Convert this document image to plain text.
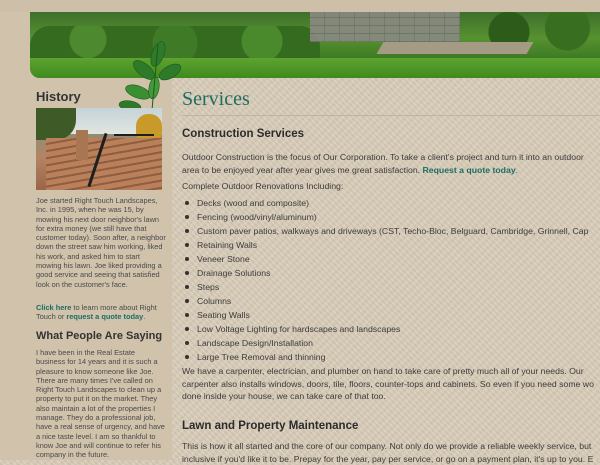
History

Joe started Right Touch Landscapes, Inc. in 1995, when he was 15, by mowing his next door neighbor's lawn for extra money (we still have that customer today). Soon after, a neighbor down the street saw him working, liked his work, and asked him to start mowing his lawn. Joe liked providing a good service and seeing that satisfied look on the customer's face.

Click here to learn more about Right Touch or request a quote today.

What People Are Saying

I have been in the Real Estate business for 14 years and it is such a pleasure to know someone like Joe. There are many times I've called on Right Touch Landscapes to clean up a property to put it on the market. They also maintain a lot of the properties I manage. They do a professional job, have a real sense of urgency, and have a nice taste level. I am so thankful to know Joe and will continue to refer his company in the future.

Services
Construction Services

Outdoor Construction is the focus of Our Corporation. To take a client's project and turn it into an outdoor
area to be enjoyed year after year gives me great satisfaction. Request a quote today.

Complete Outdoor Renovations Including:

Decks (wood and composite)
Fencing (wood/vinyl/aluminum)
Custom paver patios, walkways and driveways (CST, Techo-Bloc, Belguard, Cambridge, Grinnell, Cap
Retaining Walls
Veneer Stone
Drainage Solutions
Steps
Columns
Seating Walls
Low Voltage Lighting for hardscapes and landscapes
Landscape Design/Installation
Large Tree Removal and thinning

We have a carpenter, electrician, and plumber on hand to take care of pretty much all of your needs. Our
carpenter also installs windows, doors, tile, floors, counter-tops and cabinets. So even if you need some wo
done inside your house, we can take care of that too.

Lawn and Property Maintenance

This is how it all started and the core of our company. Not only do we provide a reliable weekly service, but
inclusive if you'd like it to be. Prepay for the year, pay per service, or go on a payment plan, it's up to you. E
